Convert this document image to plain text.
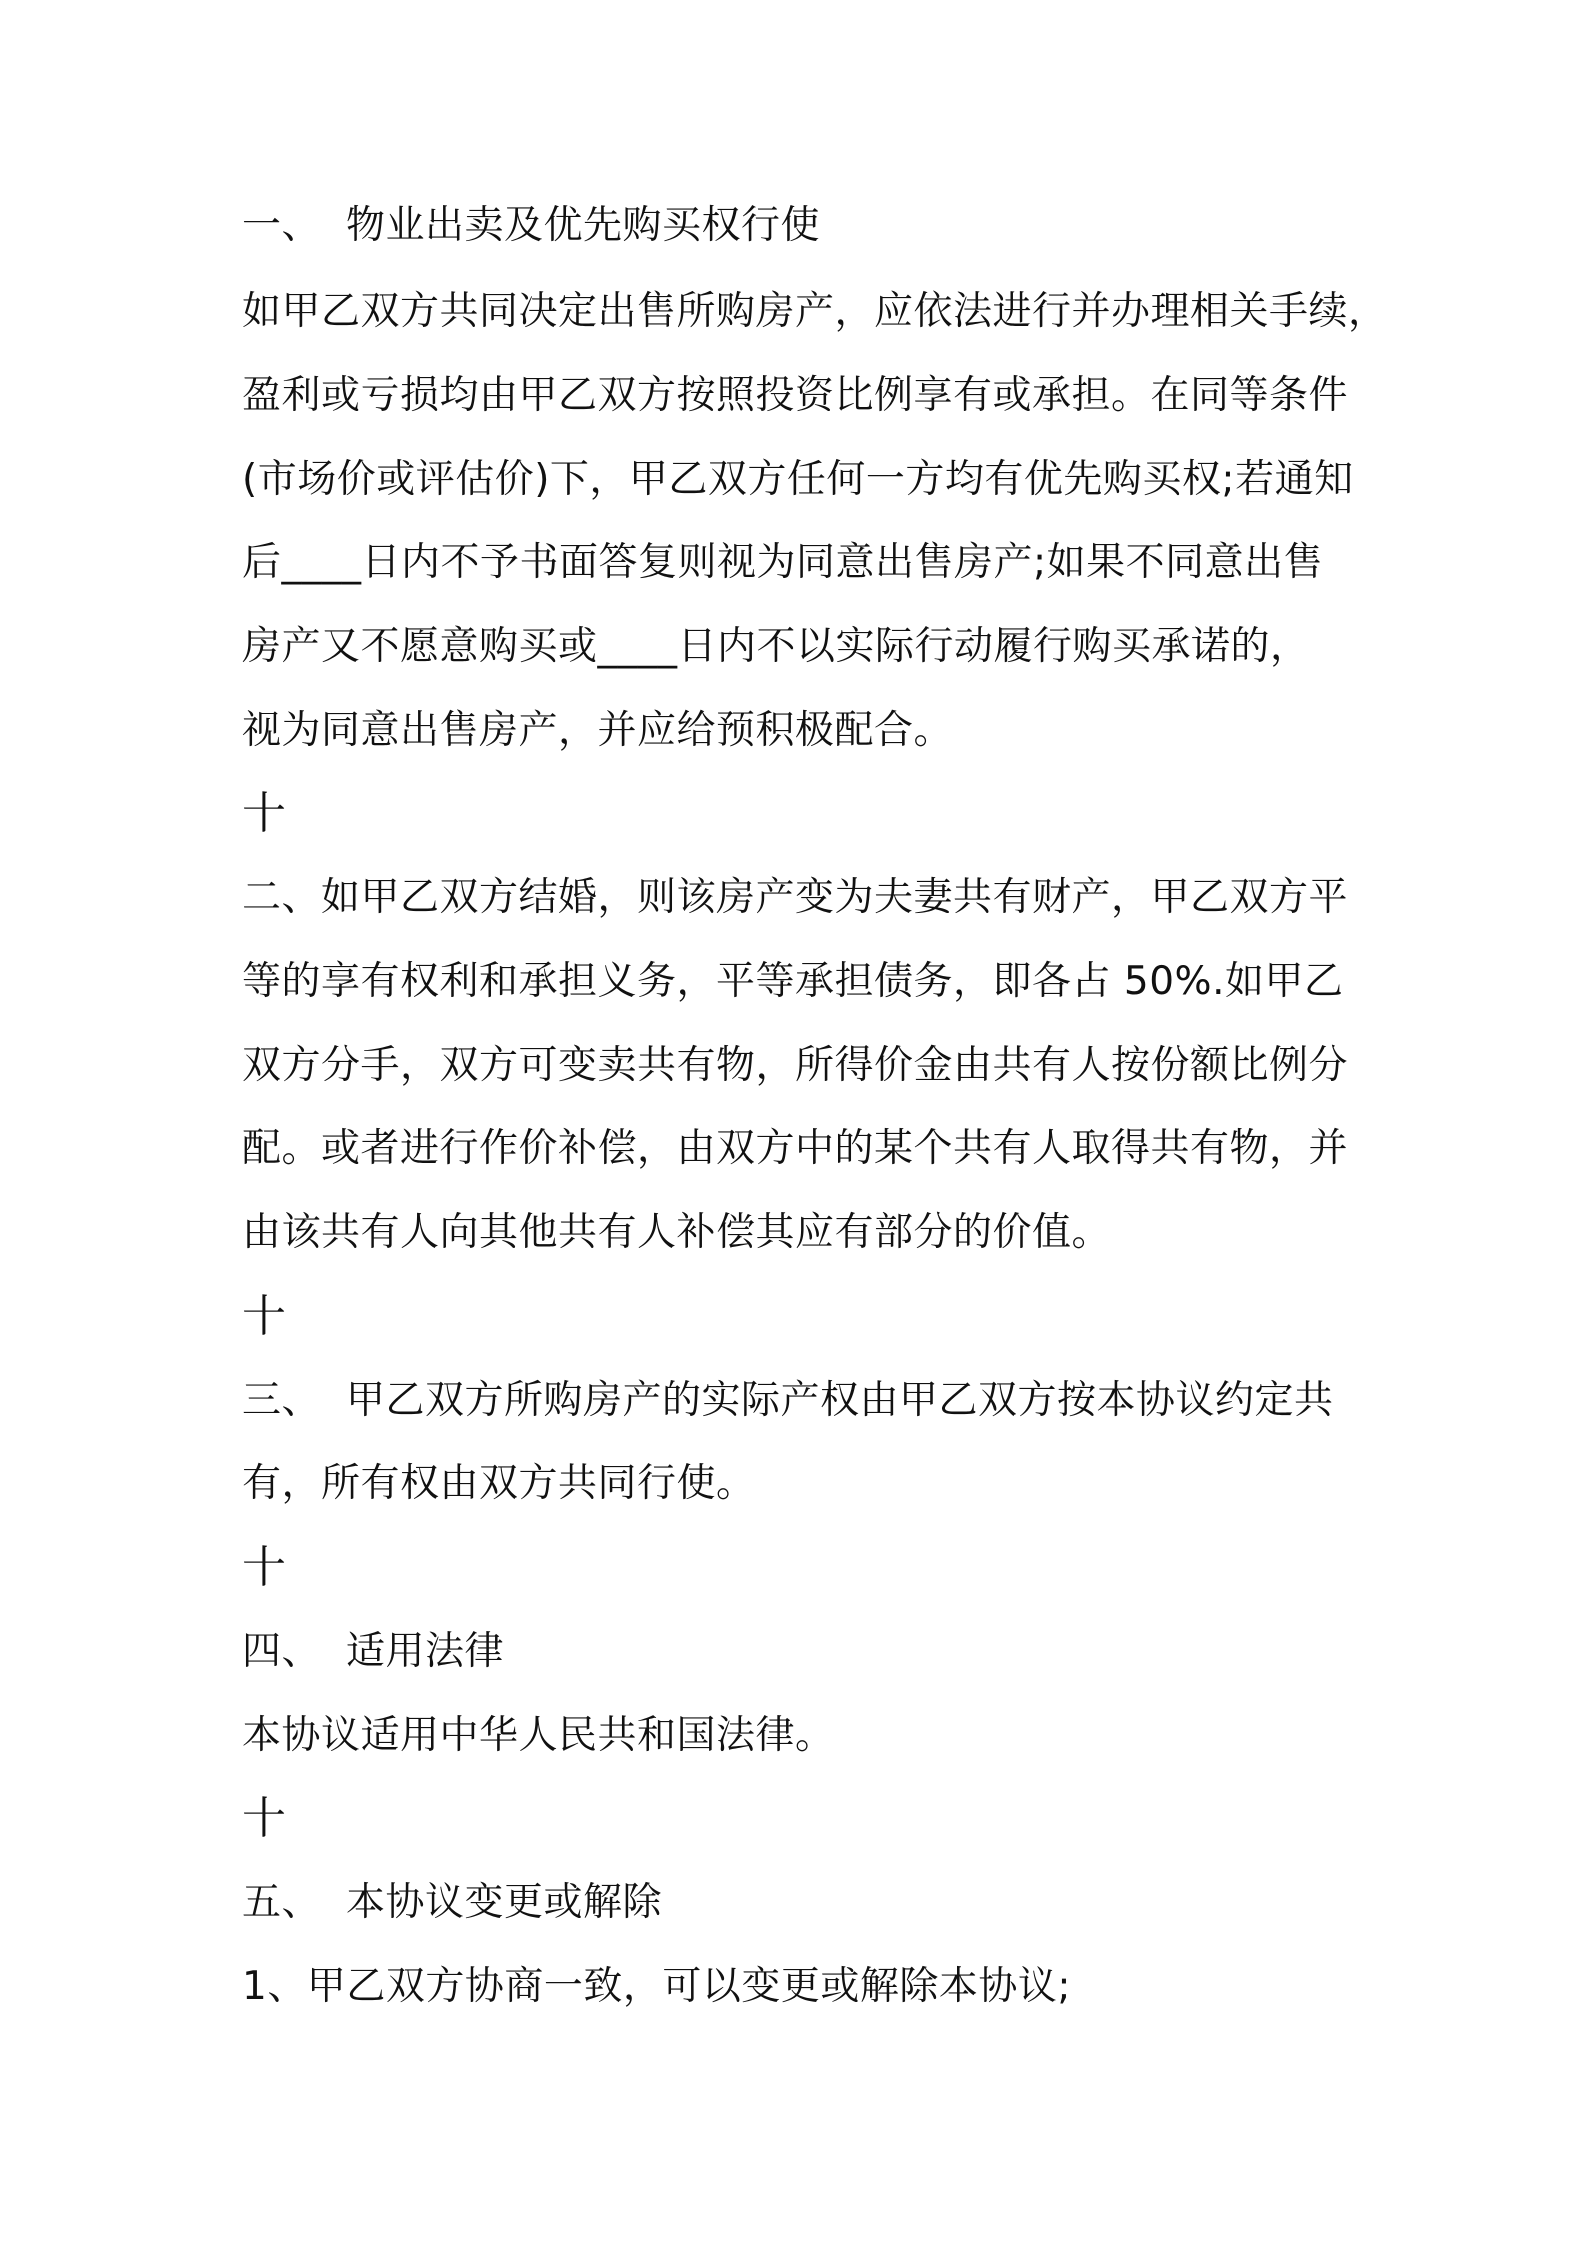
一、 物业出卖及优先购买权行使
如甲乙双方共同决定出售所购房产，应依法进行并办理相关手续，
盈利或亏损均由甲乙双方按照投资比例享有或承担。在同等条件
(市场价或评估价)下，甲乙双方任何一方均有优先购买权;若通知
后____日内不予书面答复则视为同意出售房产;如果不同意出售
房产又不愿意购买或____日内不以实际行动履行购买承诺的，
视为同意出售房产，并应给预积极配合。
十
二、如甲乙双方结婚，则该房产变为夫妻共有财产，甲乙双方平
等的享有权利和承担义务，平等承担债务，即各占 50%.如甲乙
双方分手，双方可变卖共有物，所得价金由共有人按份额比例分
配。或者进行作价补偿，由双方中的某个共有人取得共有物，并
由该共有人向其他共有人补偿其应有部分的价值。
十
三、 甲乙双方所购房产的实际产权由甲乙双方按本协议约定共
有，所有权由双方共同行使。
十
四、 适用法律
本协议适用中华人民共和国法律。
十
五、 本协议变更或解除
1、甲乙双方协商一致，可以变更或解除本协议;
